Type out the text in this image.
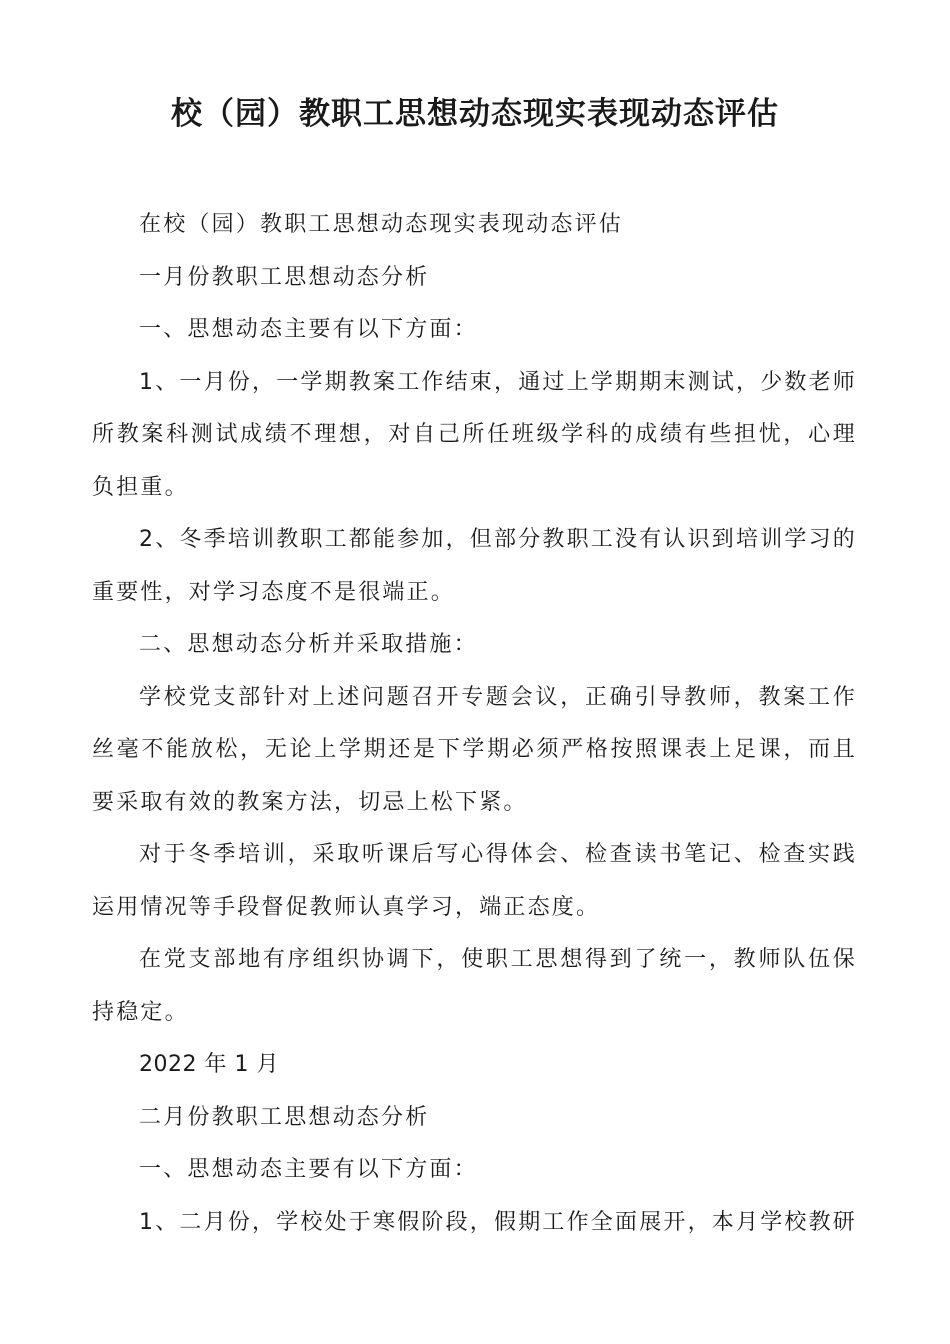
校（园）教职工思想动态现实表现动态评估

在校（园）教职工思想动态现实表现动态评估

一月份教职工思想动态分析

一、思想动态主要有以下方面：

1、一月份，一学期教案工作结束，通过上学期期末测试，少数老师所教案科测试成绩不理想，对自己所任班级学科的成绩有些担忧，心理负担重。

2、冬季培训教职工都能参加，但部分教职工没有认识到培训学习的重要性，对学习态度不是很端正。

二、思想动态分析并采取措施：

学校党支部针对上述问题召开专题会议，正确引导教师，教案工作丝毫不能放松，无论上学期还是下学期必须严格按照课表上足课，而且要采取有效的教案方法，切忌上松下紧。

对于冬季培训，采取听课后写心得体会、检查读书笔记、检查实践运用情况等手段督促教师认真学习，端正态度。

在党支部地有序组织协调下，使职工思想得到了统一，教师队伍保持稳定。

2022 年 1 月

二月份教职工思想动态分析

一、思想动态主要有以下方面：

1、二月份，学校处于寒假阶段，假期工作全面展开，本月学校教研
